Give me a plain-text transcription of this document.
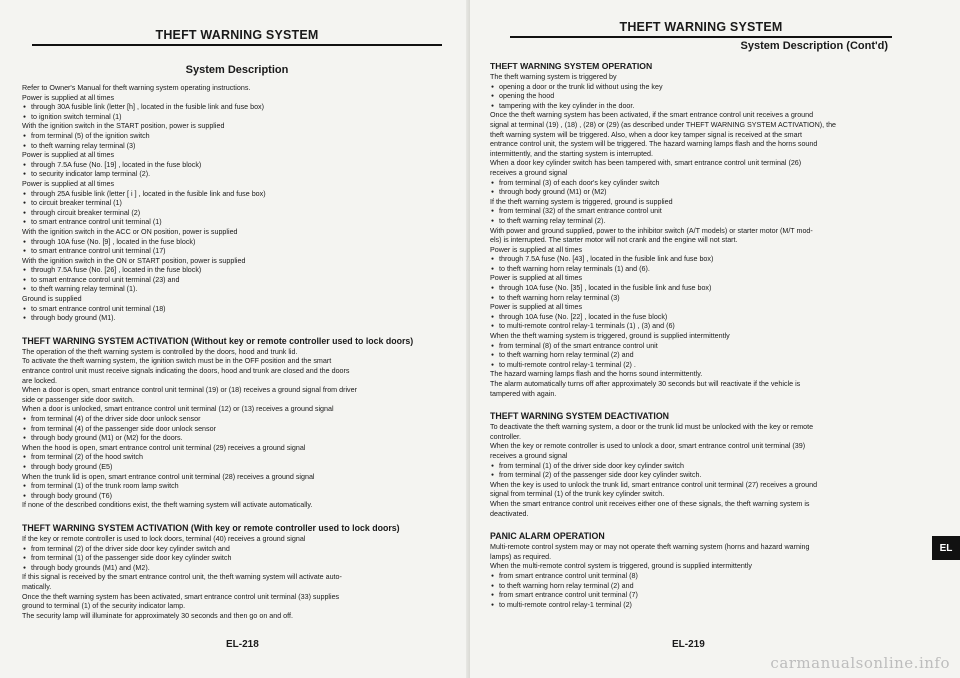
THEFT WARNING SYSTEM
System Description
Refer to Owner's Manual for theft warning system operating instructions.
Power is supplied at all times
● through 30A fusible link (letter [h] , located in the fusible link and fuse box)
● to ignition switch terminal (1)
With the ignition switch in the START position, power is supplied
● from terminal (5) of the ignition switch
● to theft warning relay terminal (3)
Power is supplied at all times
● through 7.5A fuse (No. [19] , located in the fuse block)
● to security indicator lamp terminal (2).
Power is supplied at all times
● through 25A fusible link (letter [ i ] , located in the fusible link and fuse box)
● to circuit breaker terminal (1)
● through circuit breaker terminal (2)
● to smart entrance control unit terminal (1)
With the ignition switch in the ACC or ON position, power is supplied
● through 10A fuse (No. [9] , located in the fuse block)
● to smart entrance control unit terminal (17)
With the ignition switch in the ON or START position, power is supplied
● through 7.5A fuse (No. [26] , located in the fuse block)
● to smart entrance control unit terminal (23) and
● to theft warning relay terminal (1).
Ground is supplied
● to smart entrance control unit terminal (18)
● through body ground (M1).
THEFT WARNING SYSTEM ACTIVATION (Without key or remote controller used to lock doors)
The operation of the theft warning system is controlled by the doors, hood and trunk lid.
To activate the theft warning system, the ignition switch must be in the OFF position and the smart
entrance control unit must receive signals indicating the doors, hood and trunk are closed and the doors
are locked.
When a door is open, smart entrance control unit terminal (19) or (18) receives a ground signal from driver
side or passenger side door switch.
When a door is unlocked, smart entrance control unit terminal (12) or (13) receives a ground signal
● from terminal (4) of the driver side door unlock sensor
● from terminal (4) of the passenger side door unlock sensor
● through body ground (M1) or (M2) for the doors.
When the hood is open, smart entrance control unit terminal (29) receives a ground signal
● from terminal (2) of the hood switch
● through body ground (E5)
When the trunk lid is open, smart entrance control unit terminal (28) receives a ground signal
● from terminal (1) of the trunk room lamp switch
● through body ground (T6)
If none of the described conditions exist, the theft warning system will activate automatically.
THEFT WARNING SYSTEM ACTIVATION (With key or remote controller used to lock doors)
If the key or remote controller is used to lock doors, terminal (40) receives a ground signal
● from terminal (2) of the driver side door key cylinder switch and
● from terminal (1) of the passenger side door key cylinder switch
● through body grounds (M1) and (M2).
If this signal is received by the smart entrance control unit, the theft warning system will activate auto-
matically.
Once the theft warning system has been activated, smart entrance control unit terminal (33) supplies
ground to terminal (1) of the security indicator lamp.
The security lamp will illuminate for approximately 30 seconds and then go on and off.
EL-218
THEFT WARNING SYSTEM
System Description (Cont'd)
THEFT WARNING SYSTEM OPERATION
The theft warning system is triggered by
● opening a door or the trunk lid without using the key
● opening the hood
● tampering with the key cylinder in the door.
Once the theft warning system has been activated, if the smart entrance control unit receives a ground
signal at terminal (19) , (18) , (28) or (29) (as described under THEFT WARNING SYSTEM ACTIVATION), the
theft warning system will be triggered. Also, when a door key tamper signal is received at the smart
entrance control unit, the system will be triggered. The hazard warning lamps flash and the horns sound
intermittently, and the starting system is interrupted.
When a door key cylinder switch has been tampered with, smart entrance control unit terminal (26)
receives a ground signal
● from terminal (3) of each door's key cylinder switch
● through body ground (M1) or (M2)
If the theft warning system is triggered, ground is supplied
● from terminal (32) of the smart entrance control unit
● to theft warning relay terminal (2).
With power and ground supplied, power to the inhibitor switch (A/T models) or starter motor (M/T mod-
els) is interrupted. The starter motor will not crank and the engine will not start.
Power is supplied at all times
● through 7.5A fuse (No. [43] , located in the fusible link and fuse box)
● to theft warning horn relay terminals (1) and (6).
Power is supplied at all times
● through 10A fuse (No. [35] , located in the fusible link and fuse box)
● to theft warning horn relay terminal (3)
Power is supplied at all times
● through 10A fuse (No. [22] , located in the fuse block)
● to multi-remote control relay-1 terminals (1) , (3) and (6)
When the theft warning system is triggered, ground is supplied intermittently
● from terminal (8) of the smart entrance control unit
● to theft warning horn relay terminal (2) and
● to multi-remote control relay-1 terminal (2) .
The hazard warning lamps flash and the horns sound intermittently.
The alarm automatically turns off after approximately 30 seconds but will reactivate if the vehicle is
tampered with again.
THEFT WARNING SYSTEM DEACTIVATION
To deactivate the theft warning system, a door or the trunk lid must be unlocked with the key or remote
controller.
When the key or remote controller is used to unlock a door, smart entrance control unit terminal (39)
receives a ground signal
● from terminal (1) of the driver side door key cylinder switch
● from terminal (2) of the passenger side door key cylinder switch.
When the key is used to unlock the trunk lid, smart entrance control unit terminal (27) receives a ground
signal from terminal (1) of the trunk key cylinder switch.
When the smart entrance control unit receives either one of these signals, the theft warning system is
deactivated.
PANIC ALARM OPERATION
Multi-remote control system may or may not operate theft warning system (horns and hazard warning
lamps) as required.
When the multi-remote control system is triggered, ground is supplied intermittently
● from smart entrance control unit terminal (8)
● to theft warning horn relay terminal (2) and
● from smart entrance control unit terminal (7)
● to multi-remote control relay-1 terminal (2)
EL-219
EL
carmanualsonline.info
